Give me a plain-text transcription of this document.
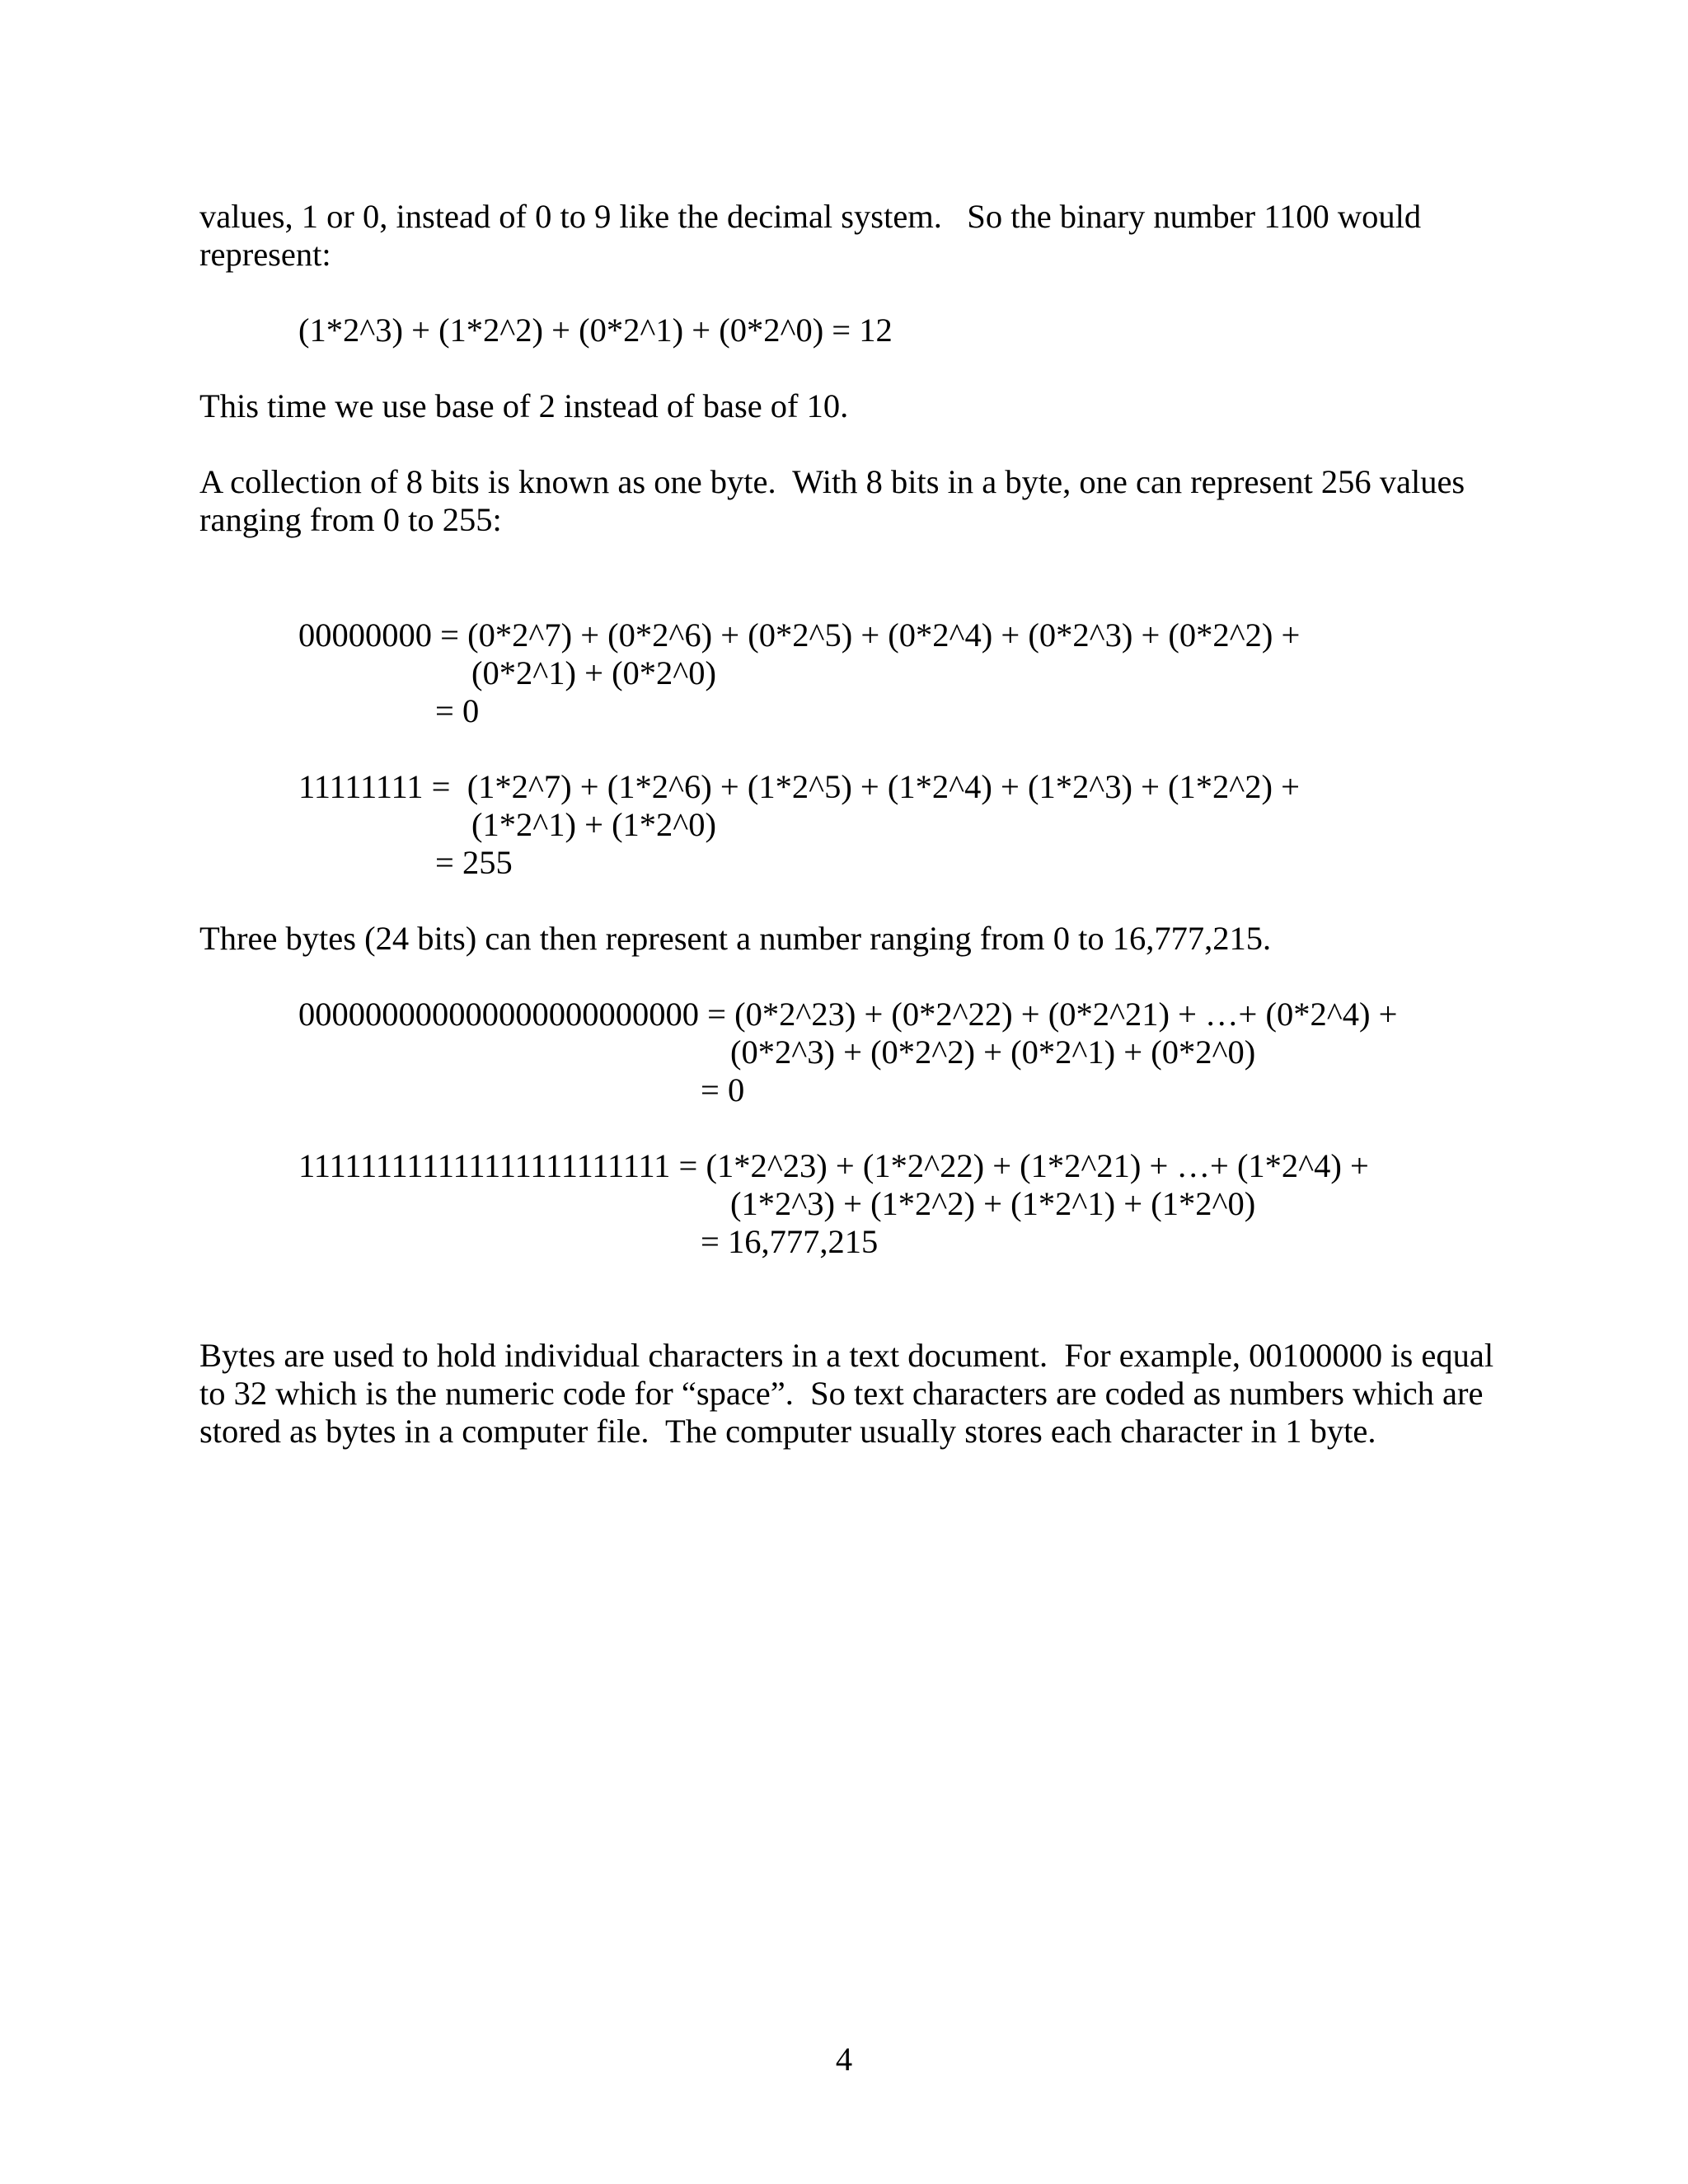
values, 1 or 0, instead of 0 to 9 like the decimal system.   So the binary number 1100 would
represent:
(1*2^3) + (1*2^2) + (0*2^1) + (0*2^0) = 12
This time we use base of 2 instead of base of 10.
A collection of 8 bits is known as one byte.  With 8 bits in a byte, one can represent 256 values
ranging from 0 to 255:
00000000 = (0*2^7) + (0*2^6) + (0*2^5) + (0*2^4) + (0*2^3) + (0*2^2) +
(0*2^1) + (0*2^0)
= 0
11111111 =  (1*2^7) + (1*2^6) + (1*2^5) + (1*2^4) + (1*2^3) + (1*2^2) +
(1*2^1) + (1*2^0)
= 255
Three bytes (24 bits) can then represent a number ranging from 0 to 16,777,215.
000000000000000000000000 = (0*2^23) + (0*2^22) + (0*2^21) + …+ (0*2^4) +
(0*2^3) + (0*2^2) + (0*2^1) + (0*2^0)
= 0
111111111111111111111111 = (1*2^23) + (1*2^22) + (1*2^21) + …+ (1*2^4) +
(1*2^3) + (1*2^2) + (1*2^1) + (1*2^0)
= 16,777,215
Bytes are used to hold individual characters in a text document.  For example, 00100000 is equal
to 32 which is the numeric code for “space”.  So text characters are coded as numbers which are
stored as bytes in a computer file.  The computer usually stores each character in 1 byte.
4
